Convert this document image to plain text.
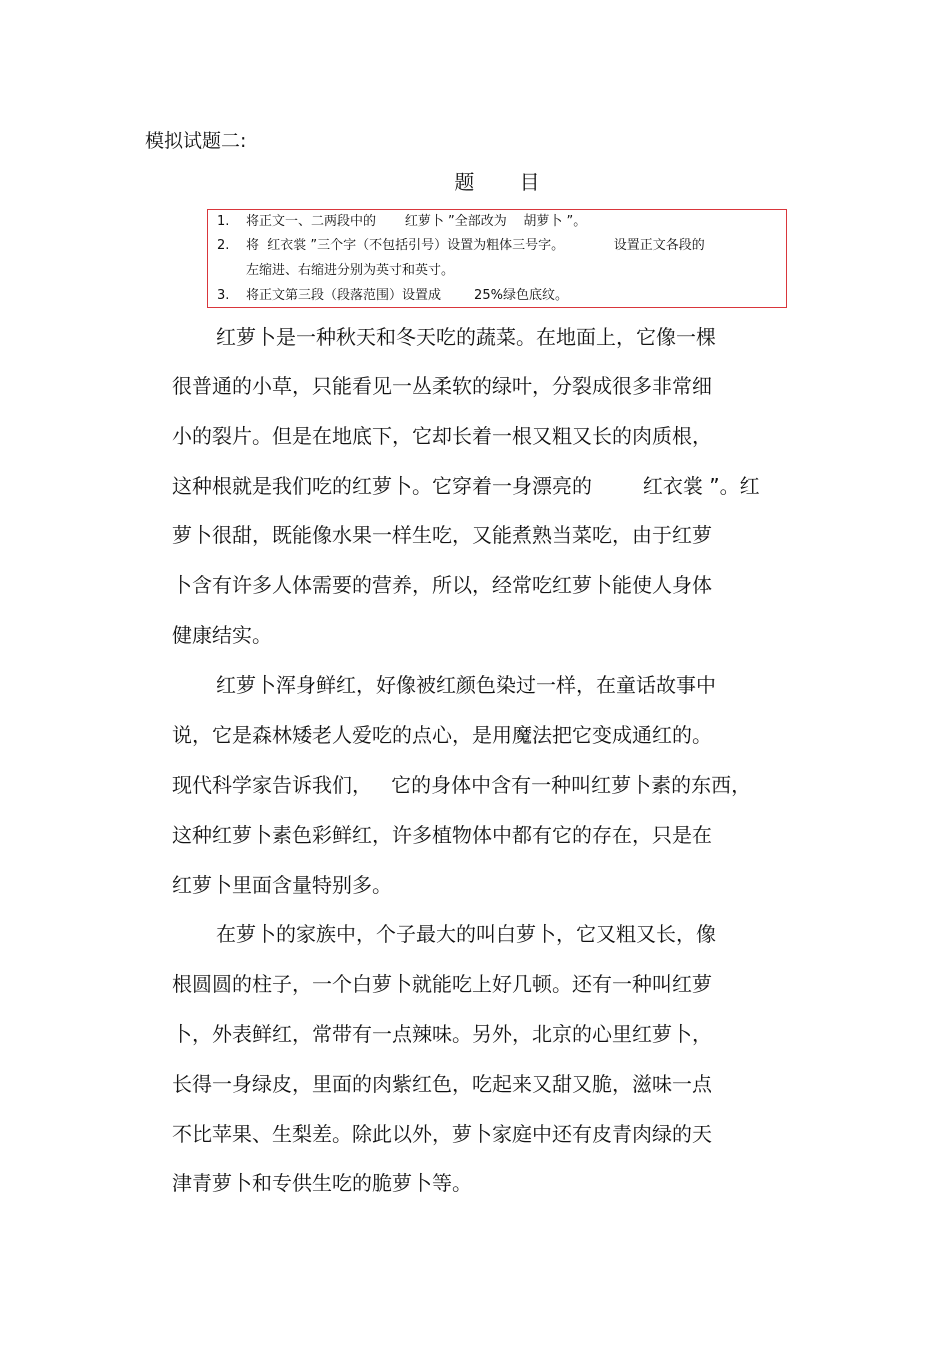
模拟试题二:
题      目

1.

将正文一、二两段中的       红萝卜 ”全部改为    胡萝卜 ”。

2.

将  红衣裳 ”三个字（不包括引号）设置为粗体三号字。            设置正文各段的

左缩进、右缩进分别为英寸和英寸。

3.

将正文第三段（段落范围）设置成        25%绿色底纹。

红萝卜是一种秋天和冬天吃的蔬菜。在地面上，它像一棵
很普通的小草，只能看见一丛柔软的绿叶，分裂成很多非常细
小的裂片。但是在地底下，它却长着一根又粗又长的肉质根，
这种根就是我们吃的红萝卜。它穿着一身漂亮的        红衣裳 ”。红
萝卜很甜，既能像水果一样生吃，又能煮熟当菜吃，由于红萝
卜含有许多人体需要的营养，所以，经常吃红萝卜能使人身体
健康结实。
红萝卜浑身鲜红，好像被红颜色染过一样，在童话故事中
说，它是森林矮老人爱吃的点心，是用魔法把它变成通红的。
现代科学家告诉我们，   它的身体中含有一种叫红萝卜素的东西，
这种红萝卜素色彩鲜红，许多植物体中都有它的存在，只是在
红萝卜里面含量特别多。
在萝卜的家族中，个子最大的叫白萝卜，它又粗又长，像
根圆圆的柱子，一个白萝卜就能吃上好几顿。还有一种叫红萝
卜，外表鲜红，常带有一点辣味。另外，北京的心里红萝卜，
长得一身绿皮，里面的肉紫红色，吃起来又甜又脆，滋味一点
不比苹果、生梨差。除此以外，萝卜家庭中还有皮青肉绿的天
津青萝卜和专供生吃的脆萝卜等。
